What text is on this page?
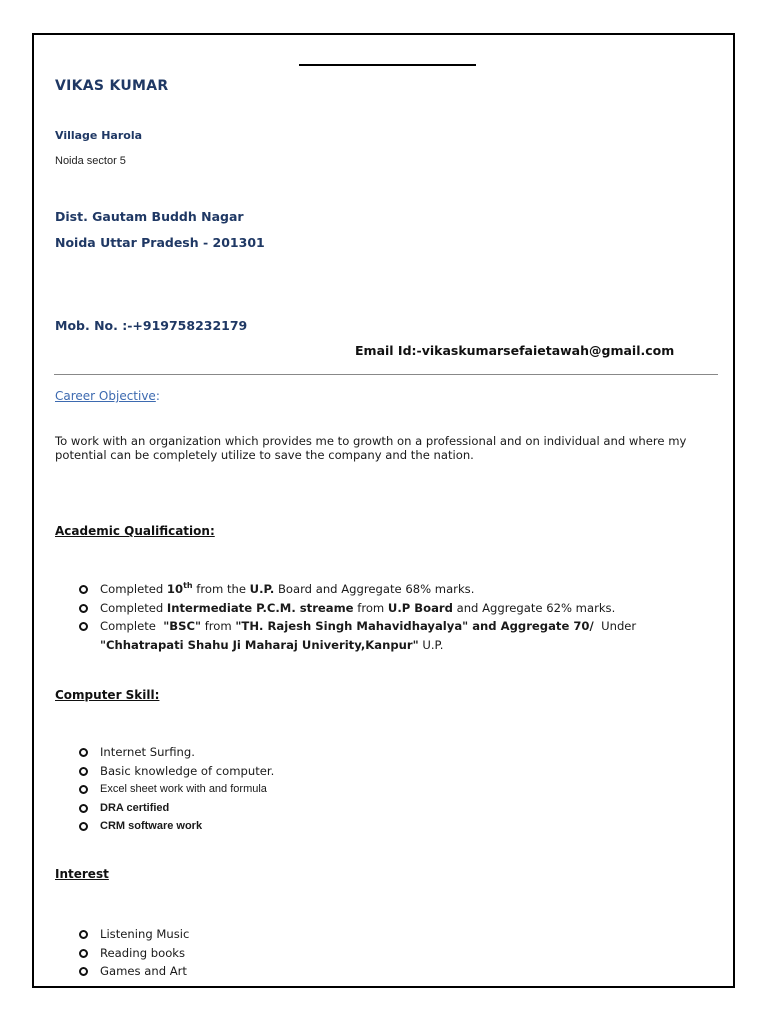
VIKAS KUMAR
Village Harola
Noida sector 5
Dist. Gautam Buddh Nagar
Noida Uttar Pradesh - 201301
Mob. No. :-+919758232179
Email Id:-vikaskumarsefaietawah@gmail.com
Career Objective:
To work with an organization which provides me to growth on a professional and on individual and where my potential can be completely utilize to save the company and the nation.
Academic Qualification:
Completed 10th from the U.P. Board and Aggregate 68% marks.
Completed Intermediate P.C.M. streame from U.P Board and Aggregate 62% marks.
Complete  "BSC" from "TH. Rajesh Singh Mahavidhayalya" and Aggregate 70/  Under
"Chhatrapati Shahu Ji Maharaj Univerity,Kanpur" U.P.
Computer Skill:
Internet Surfing.
Basic knowledge of computer.
Excel sheet work with and formula
DRA certified
CRM software work
Interest
Listening Music
Reading books
Games and Art
